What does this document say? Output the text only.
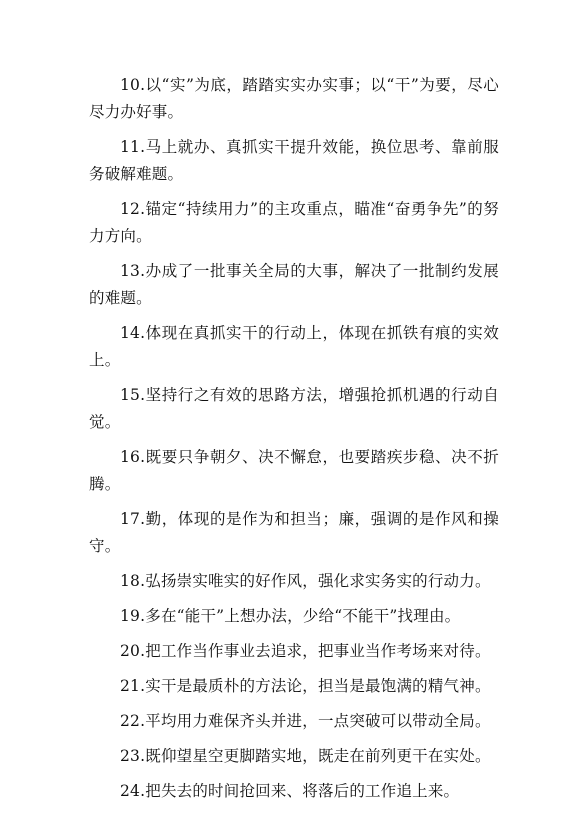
10.以“实”为底，踏踏实实办实事；以“干”为要，尽心尽力办好事。

11.马上就办、真抓实干提升效能，换位思考、靠前服务破解难题。

12.锚定“持续用力”的主攻重点，瞄准“奋勇争先”的努力方向。

13.办成了一批事关全局的大事，解决了一批制约发展的难题。

14.体现在真抓实干的行动上，体现在抓铁有痕的实效上。

15.坚持行之有效的思路方法，增强抢抓机遇的行动自觉。

16.既要只争朝夕、决不懈怠，也要踏疾步稳、决不折腾。

17.勤，体现的是作为和担当；廉，强调的是作风和操守。

18.弘扬崇实唯实的好作风，强化求实务实的行动力。

19.多在“能干”上想办法，少给“不能干”找理由。

20.把工作当作事业去追求，把事业当作考场来对待。

21.实干是最质朴的方法论，担当是最饱满的精气神。

22.平均用力难保齐头并进，一点突破可以带动全局。

23.既仰望星空更脚踏实地，既走在前列更干在实处。

24.把失去的时间抢回来、将落后的工作追上来。
